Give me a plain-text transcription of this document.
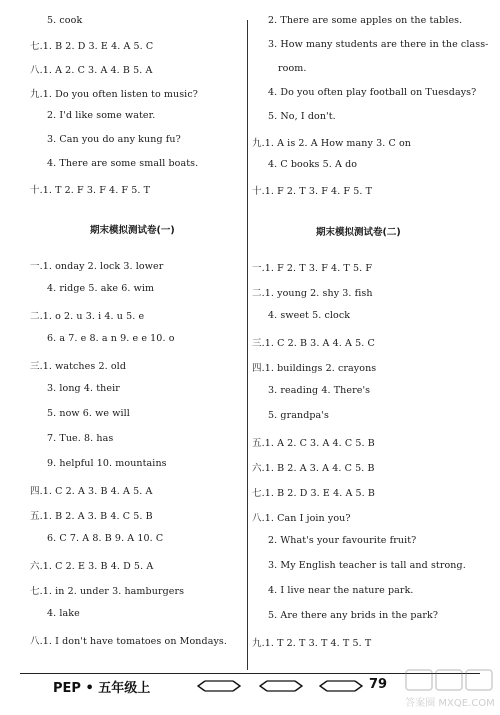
5. cook
七.1. B 2. D 3. E 4. A 5. C
八.1. A 2. C 3. A 4. B 5. A
九.1. Do you often listen to music?
2. I'd like some water.
3. Can you do any kung fu?
4. There are some small boats.
十.1. T 2. F 3. F 4. F 5. T
期末模拟测试卷(一)
一.1. onday 2. lock 3. lower
4. ridge 5. ake 6. wim
二.1. o 2. u 3. i 4. u 5. e
6. a 7. e 8. a n 9. e e 10. o
三.1. watches 2. old
3. long 4. their
5. now 6. we will
7. Tue. 8. has
9. helpful 10. mountains
四.1. C 2. A 3. B 4. A 5. A
五.1. B 2. A 3. B 4. C 5. B
6. C 7. A 8. B 9. A 10. C
六.1. C 2. E 3. B 4. D 5. A
七.1. in 2. under 3. hamburgers
4. lake
八.1. I don't have tomatoes on Mondays.
2. There are some apples on the tables.
3. How many students are there in the class-
room.
4. Do you often play football on Tuesdays?
5. No, I don't.
九.1. A is 2. A How many 3. C on
4. C books 5. A do
十.1. F 2. T 3. F 4. F 5. T
期末模拟测试卷(二)
一.1. F 2. T 3. F 4. T 5. F
二.1. young 2. shy 3. fish
4. sweet 5. clock
三.1. C 2. B 3. A 4. A 5. C
四.1. buildings 2. crayons
3. reading 4. There's
5. grandpa's
五.1. A 2. C 3. A 4. C 5. B
六.1. B 2. A 3. A 4. C 5. B
七.1. B 2. D 3. E 4. A 5. B
八.1. Can I join you?
2. What's your favourite fruit?
3. My English teacher is tall and strong.
4. I live near the nature park.
5. Are there any brids in the park?
九.1. T 2. T 3. T 4. T 5. T
PEP • 五年级上	79
答案圈 MXQE.COM
